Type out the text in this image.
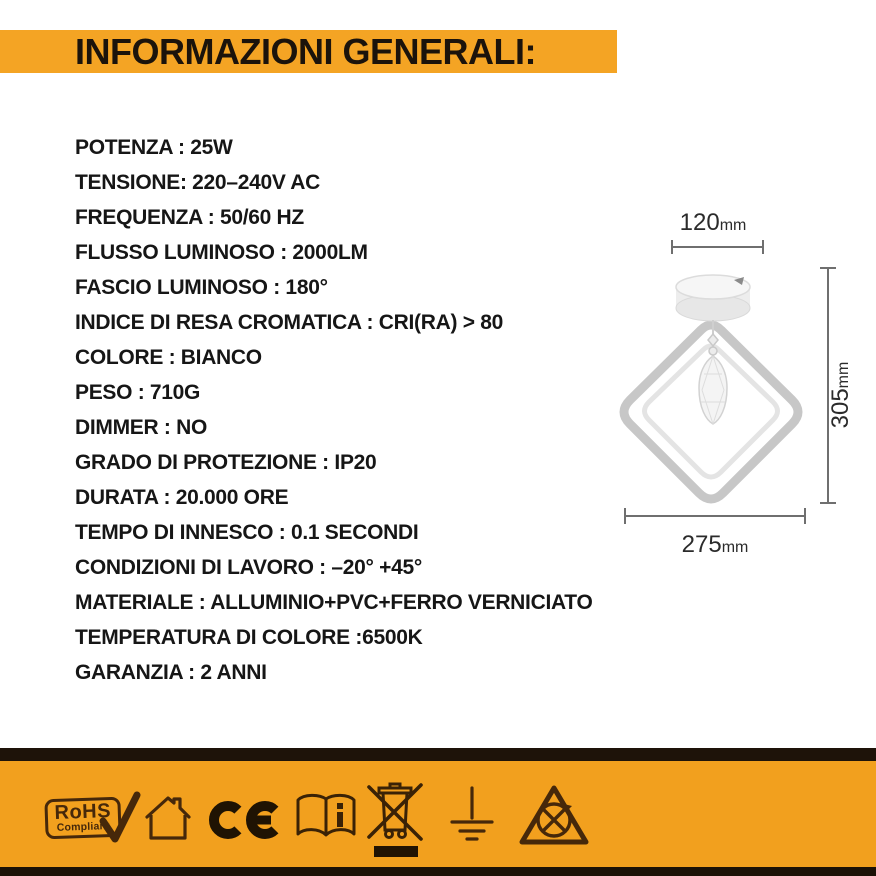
INFORMAZIONI GENERALI:
POTENZA : 25W
TENSIONE: 220–240V AC
FREQUENZA : 50/60 HZ
FLUSSO LUMINOSO : 2000LM
FASCIO LUMINOSO : 180°
INDICE DI RESA CROMATICA : CRI(RA) > 80
COLORE : BIANCO
PESO : 710G
DIMMER : NO
GRADO DI PROTEZIONE : IP20
DURATA : 20.000 ORE
TEMPO DI INNESCO : 0.1 SECONDI
CONDIZIONI DI LAVORO : –20° +45°
MATERIALE : ALLUMINIO+PVC+FERRO VERNICIATO
TEMPERATURA DI COLORE :6500K
GARANZIA : 2 ANNI
120mm
305mm
275mm
RoHS
Compliant
